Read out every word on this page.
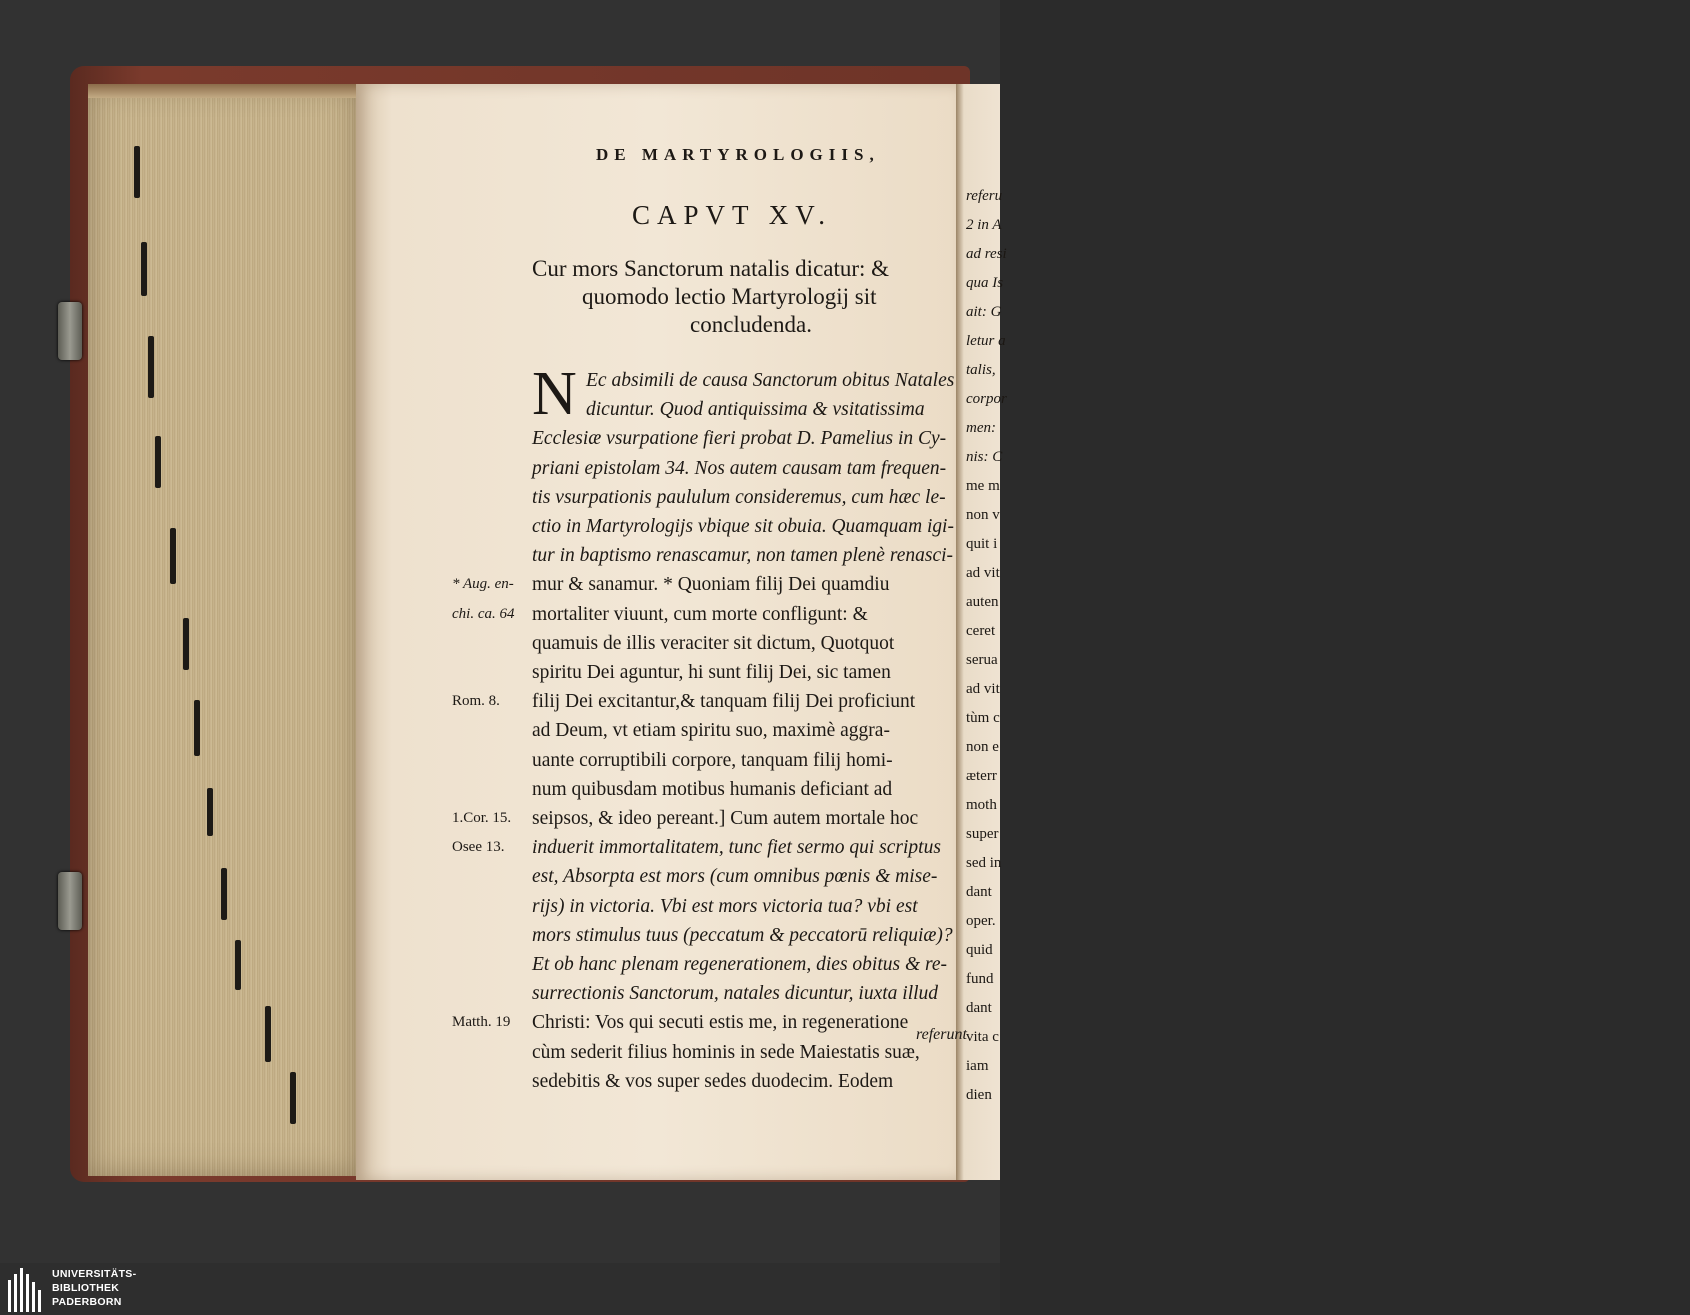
referu
2 in A
ad resi
qua Is
ait: G
letur a
talis,
corpor
men:
nis: C
me m
non v
quit i
ad vit
auten
ceret
serua
ad vit
tùm c
non e
æterr
moth
super
sed in
dant
oper.
quid
fund
dant
vita c
iam
dien
DE MARTYROLOGIIS,
CAPVT XV.
Cur mors Sanctorum natalis dicatur: &
quomodo lectio Martyrologij sit
concludenda.
N Ec absimili de causa Sanctorum obitus Natales
dicuntur. Quod antiquissima & vsitatissima
Ecclesiæ vsurpatione fieri probat D. Pamelius in Cy-
priani epistolam 34. Nos autem causam tam frequen-
tis vsurpationis paululum consideremus, cum hæc le-
ctio in Martyrologijs vbique sit obuia. Quamquam igi-
tur in baptismo renascamur, non tamen plenè renasci-
mur & sanamur. * Quoniam filij Dei quamdiu
mortaliter viuunt, cum morte confligunt: &
quamuis de illis veraciter sit dictum, Quotquot
spiritu Dei aguntur, hi sunt filij Dei, sic tamen
filij Dei excitantur,& tanquam filij Dei proficiunt
ad Deum, vt etiam spiritu suo, maximè aggra-
uante corruptibili corpore, tanquam filij homi-
num quibusdam motibus humanis deficiant ad
seipsos, & ideo pereant.] Cum autem mortale hoc
induerit immortalitatem, tunc fiet sermo qui scriptus
est, Absorpta est mors (cum omnibus pœnis & mise-
rijs) in victoria. Vbi est mors victoria tua? vbi est
mors stimulus tuus (peccatum & peccatorū reliquiæ)?
Et ob hanc plenam regenerationem, dies obitus & re-
surrectionis Sanctorum, natales dicuntur, iuxta illud
Christi: Vos qui secuti estis me, in regeneratione
cùm sederit filius hominis in sede Maiestatis suæ,
sedebitis & vos super sedes duodecim. Eodem
* Aug. en-
chi. ca. 64
Rom. 8.
1.Cor. 15.
Osee 13.
Matth. 19
referunt
UNIVERSITÄTS-
BIBLIOTHEK
PADERBORN
